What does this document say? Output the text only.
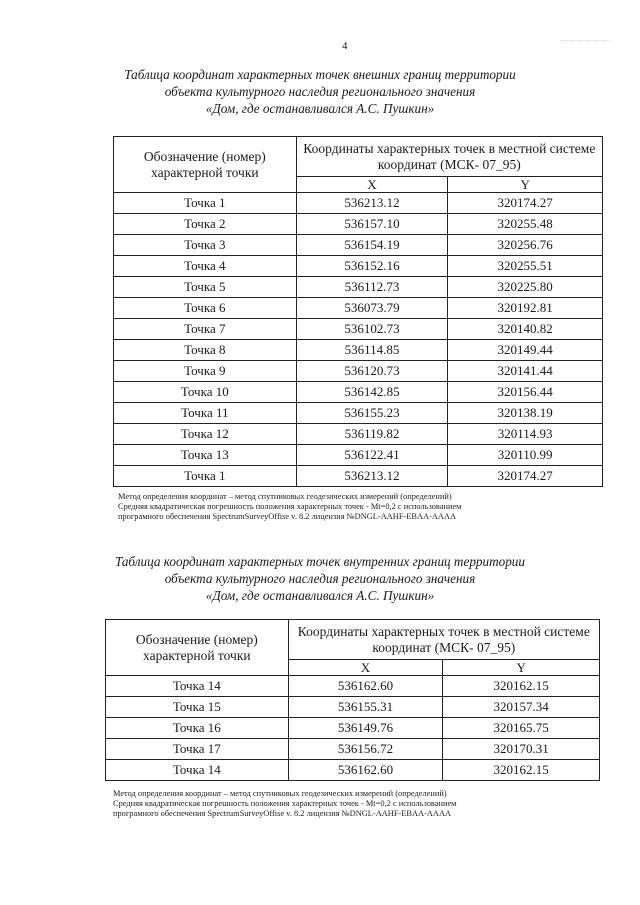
4
Таблица координат характерных точек внешних границ территории
объекта культурного наследия регионального значения
«Дом, где останавливался А.С. Пушкин»
Обозначение (номер) характерной точки	Координаты характерных точек в местной системе координат (МСК- 07_95)	
	X	Y
Точка 1	536213.12	320174.27
Точка 2	536157.10	320255.48
Точка 3	536154.19	320256.76
Точка 4	536152.16	320255.51
Точка 5	536112.73	320225.80
Точка 6	536073.79	320192.81
Точка 7	536102.73	320140.82
Точка 8	536114.85	320149.44
Точка 9	536120.73	320141.44
Точка 10	536142.85	320156.44
Точка 11	536155.23	320138.19
Точка 12	536119.82	320114.93
Точка 13	536122.41	320110.99
Точка 1	536213.12	320174.27
Метод определения координат – метод спутниковых геодезических измерений (определений)
Средняя квадратическая погрешность положения характерных точек - Mt=0,2 с использованием
програмного обеспечения SpectrumSurveyOffise v. 8.2 лицензия №DNGL-AAHF-EBAA-AAAA
Таблица координат характерных точек внутренних границ территории
объекта культурного наследия регионального значения
«Дом, где останавливался А.С. Пушкин»
Обозначение (номер) характерной точки	Координаты характерных точек в местной системе координат (МСК- 07_95)	
	X	Y
Точка 14	536162.60	320162.15
Точка 15	536155.31	320157.34
Точка 16	536149.76	320165.75
Точка 17	536156.72	320170.31
Точка 14	536162.60	320162.15
Метод определения координат – метод спутниковых геодезических измерений (определений)
Средняя квадратическая погрешность положения характерных точек - Mt=0,2 с использованием
програмного обеспечения SpectrumSurveyOffise v. 8.2 лицензия №DNGL-AAHF-EBAA-AAAA
